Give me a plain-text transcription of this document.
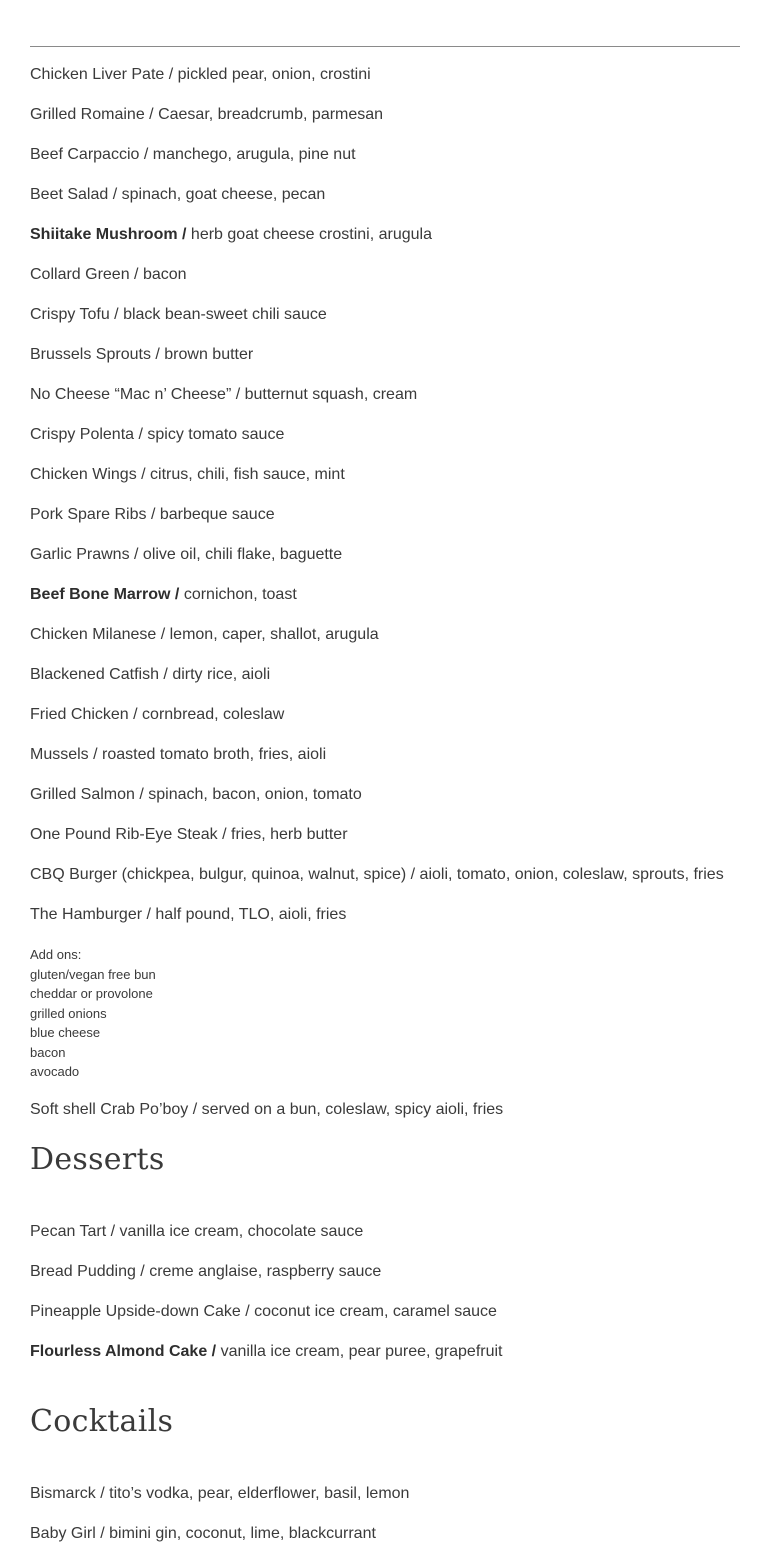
Chicken Liver Pate / pickled pear, onion, crostini
Grilled Romaine / Caesar, breadcrumb, parmesan
Beef Carpaccio / manchego, arugula, pine nut
Beet Salad / spinach, goat cheese, pecan
Shiitake Mushroom / herb goat cheese crostini, arugula
Collard Green / bacon
Crispy Tofu / black bean-sweet chili sauce
Brussels Sprouts / brown butter
No Cheese “Mac n’ Cheese” / butternut squash, cream
Crispy Polenta / spicy tomato sauce
Chicken Wings / citrus, chili, fish sauce, mint
Pork Spare Ribs / barbeque sauce
Garlic Prawns / olive oil, chili flake, baguette
Beef Bone Marrow / cornichon, toast
Chicken Milanese / lemon, caper, shallot, arugula
Blackened Catfish / dirty rice, aioli
Fried Chicken / cornbread, coleslaw
Mussels / roasted tomato broth, fries, aioli
Grilled Salmon / spinach, bacon, onion, tomato
One Pound Rib-Eye Steak / fries, herb butter
CBQ Burger (chickpea, bulgur, quinoa, walnut, spice) / aioli, tomato, onion, coleslaw, sprouts, fries
The Hamburger / half pound, TLO, aioli, fries
Add ons:
gluten/vegan free bun
cheddar or provolone
grilled onions
blue cheese
bacon
avocado
Soft shell Crab Po’boy / served on a bun, coleslaw, spicy aioli, fries
Desserts
Pecan Tart / vanilla ice cream, chocolate sauce
Bread Pudding / creme anglaise, raspberry sauce
Pineapple Upside-down Cake / coconut ice cream, caramel sauce
Flourless Almond Cake / vanilla ice cream, pear puree, grapefruit
Cocktails
Bismarck / tito’s vodka, pear, elderflower, basil, lemon
Baby Girl / bimini gin, coconut, lime, blackcurrant
